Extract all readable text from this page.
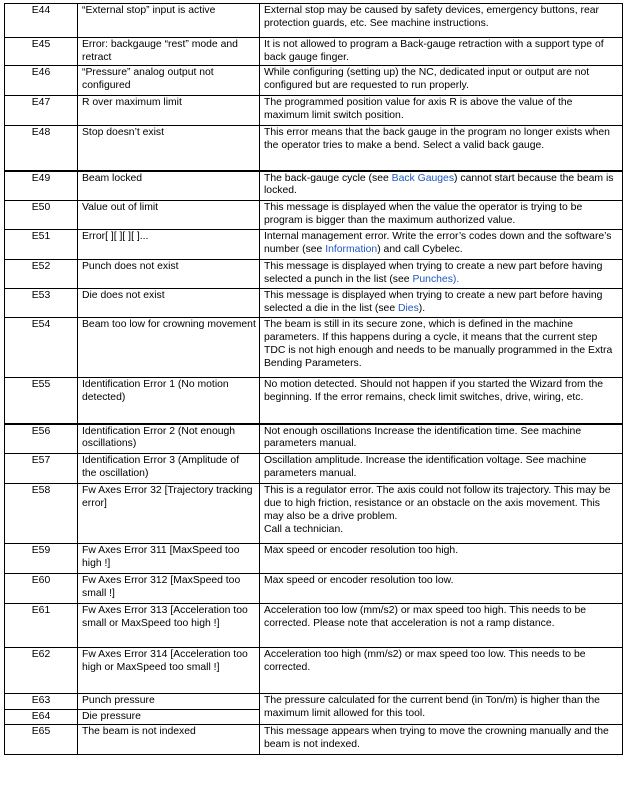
E44	“External stop” input is active	External stop may be caused by safety devices, emergency buttons, rear protection guards, etc. See machine instructions.
E45	Error: backgauge “rest” mode and retract	It is not allowed to program a Back-gauge retraction with a support type of back gauge finger.
E46	“Pressure” analog output not configured	While configuring (setting up) the NC, dedicated input or output are not configured but are requested to run properly.
E47	R over maximum limit	The programmed position value for axis R is above the value of the maximum limit switch position.
E48	Stop doesn’t exist	This error means that the back gauge in the program no longer exists when the operator tries to make a bend. Select a valid back gauge.
E49	Beam locked	The back-gauge cycle (see Back Gauges) cannot start because the beam is locked.
E50	Value out of limit	This message is displayed when the value the operator is trying to be program is bigger than the maximum authorized value.
E51	Error[ ][ ][ ][ ]...	Internal management error. Write the error’s codes down and the software’s number (see Information) and call Cybelec.
E52	Punch does not exist	This message is displayed when trying to create a new part before having selected a punch in the list (see Punches).
E53	Die does not exist	This message is displayed when trying to create a new part before having selected a die in the list (see Dies).
E54	Beam too low for crowning movement	The beam is still in its secure zone, which is defined in the machine parameters. If this happens during a cycle, it means that the current step TDC is not high enough and needs to be manually programmed in the Extra Bending Parameters.
E55	Identification Error 1 (No motion detected)	No motion detected. Should not happen if you started the Wizard from the beginning. If the error remains, check limit switches, drive, wiring, etc.
E56	Identification Error 2 (Not enough oscillations)	Not enough oscillations Increase the identification time. See machine parameters manual.
E57	Identification Error 3 (Amplitude of the oscillation)	Oscillation amplitude. Increase the identification voltage. See machine parameters manual.
E58	Fw Axes Error 32 [Trajectory tracking error]	This is a regulator error. The axis could not follow its trajectory. This may be due to high friction, resistance or an obstacle on the axis movement. This may also be a drive problem.
Call a technician.

E59	Fw Axes Error 311 [MaxSpeed too high !]	Max speed or encoder resolution too high.
E60	Fw Axes Error 312 [MaxSpeed too small !]	Max speed or encoder resolution too low.
E61	Fw Axes Error 313 [Acceleration too small or MaxSpeed too high !]	Acceleration too low (mm/s2) or max speed too high. This needs to be corrected. Please note that acceleration is not a ramp distance.
E62	Fw Axes Error 314 [Acceleration too high or MaxSpeed too small !]	Acceleration too high (mm/s2) or max speed too low. This needs to be corrected.
E63	Punch pressure	The pressure calculated for the current bend (in Ton/m) is higher than the maximum limit allowed for this tool.
E64	Die pressure	
E65	The beam is not indexed	This message appears when trying to move the crowning manually and the beam is not indexed.
